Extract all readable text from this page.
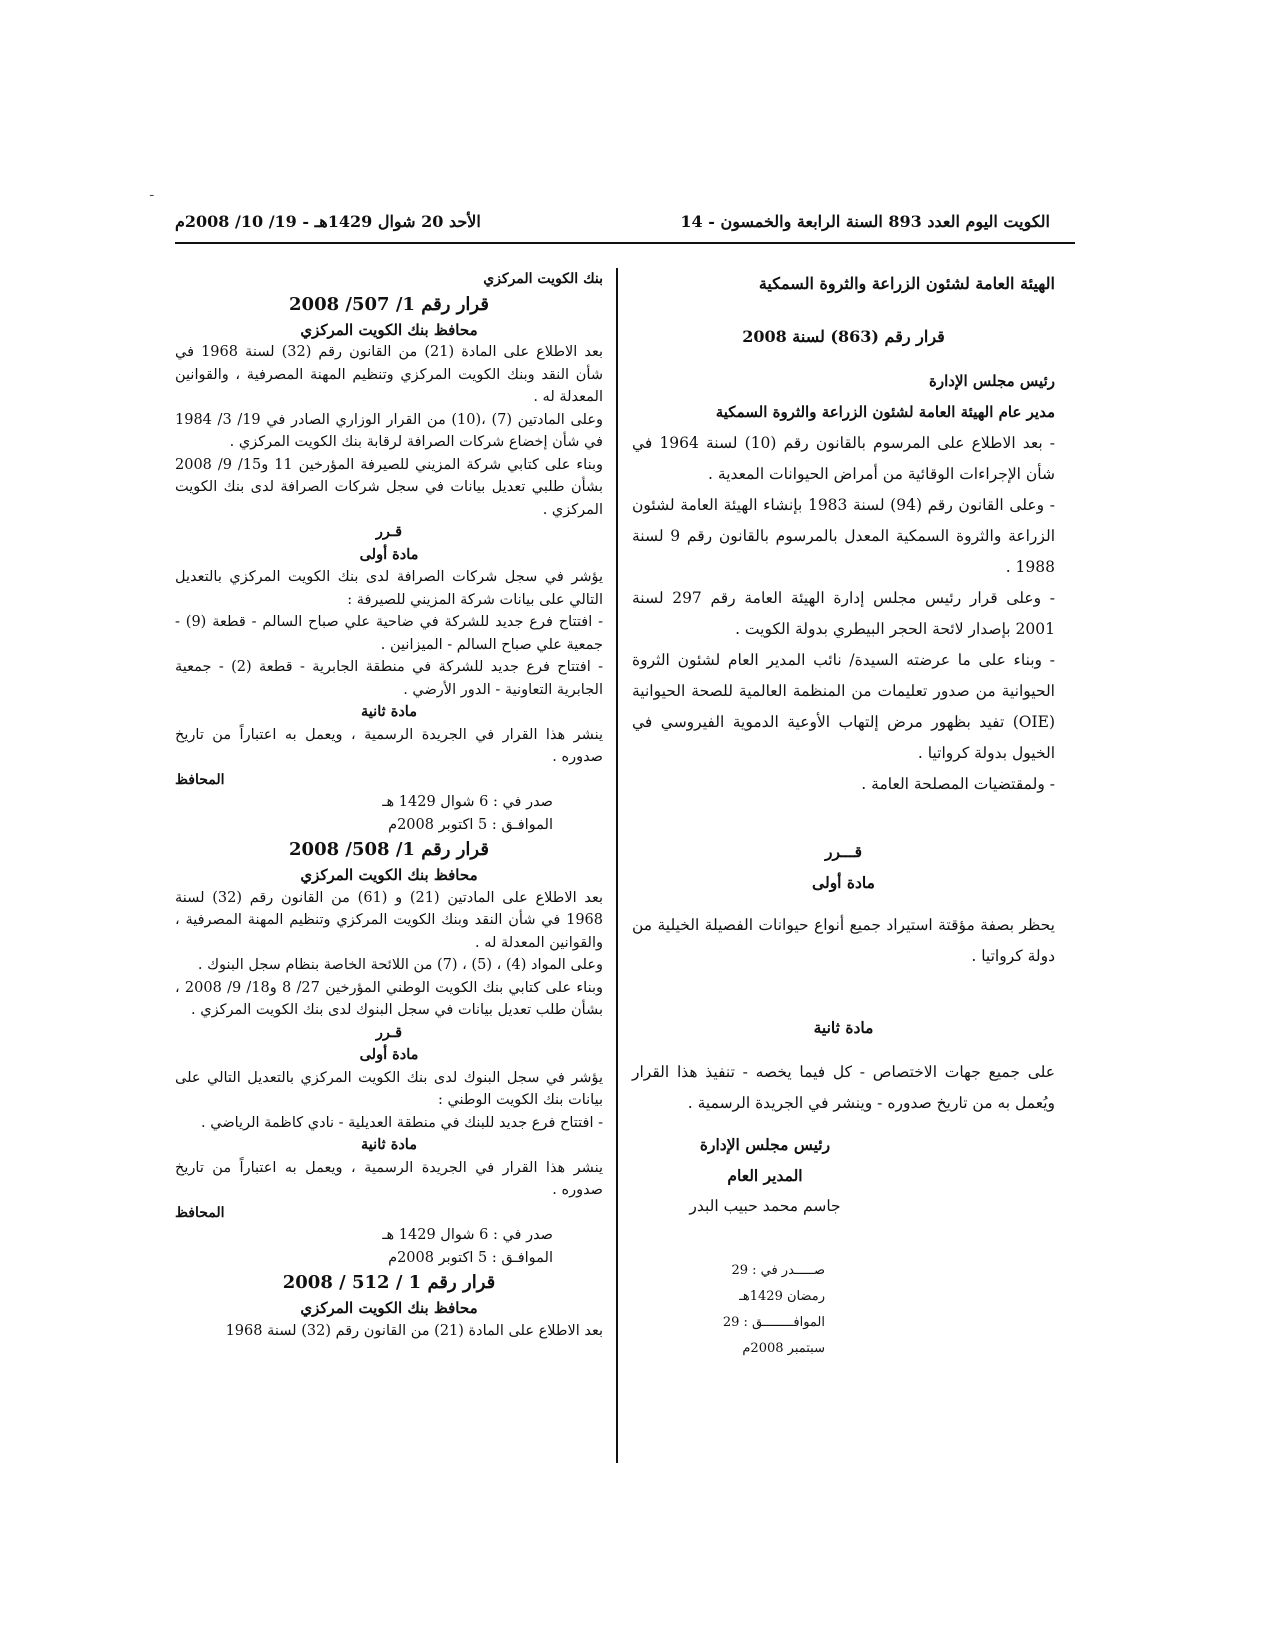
ـ
الكويت اليوم العدد 893 السنة الرابعة والخمسون - 14
الأحد 20 شوال 1429هـ - 19/ 10/ 2008م

الهيئة العامة لشئون الزراعة والثروة السمكية

قرار رقم (863) لسنة 2008

رئيس مجلس الإدارة

مدير عام الهيئة العامة لشئون الزراعة والثروة السمكية

- بعد الاطلاع على المرسوم بالقانون رقم (10) لسنة 1964 في شأن الإجراءات الوقائية من أمراض الحيوانات المعدية .

- وعلى القانون رقم (94) لسنة 1983 بإنشاء الهيئة العامة لشئون الزراعة والثروة السمكية المعدل بالمرسوم بالقانون رقم 9 لسنة 1988 .

- وعلى قرار رئيس مجلس إدارة الهيئة العامة رقم 297 لسنة 2001 بإصدار لائحة الحجر البيطري بدولة الكويت .

- وبناء على ما عرضته السيدة/ نائب المدير العام لشئون الثروة الحيوانية من صدور تعليمات من المنظمة العالمية للصحة الحيوانية (OIE) تفيد بظهور مرض إلتهاب الأوعية الدموية الفيروسي في الخيول بدولة كرواتيا .

- ولمقتضيات المصلحة العامة .

قـــرر

مادة أولى

يحظر بصفة مؤقتة استيراد جميع أنواع حيوانات الفصيلة الخيلية من دولة كرواتيا .

مادة ثانية

على جميع جهات الاختصاص - كل فيما يخصه - تنفيذ هذا القرار ويُعمل به من تاريخ صدوره - وينشر في الجريدة الرسمية .

رئيس مجلس الإدارة

المدير العام

جاسم محمد حبيب البدر

صـــــدر في : 29 رمضان 1429هـ

الموافــــــــق : 29 سبتمبر 2008م

بنك الكويت المركزي

قرار رقم 1/ 507/ 2008

محافظ بنك الكويت المركزي

بعد الاطلاع على المادة (21) من القانون رقم (32) لسنة 1968 في شأن النقد وبنك الكويت المركزي وتنظيم المهنة المصرفية ، والقوانين المعدلة له .

وعلى المادتين (7) ،(10) من القرار الوزاري الصادر في 19/ 3/ 1984 في شأن إخضاع شركات الصرافة لرقابة بنك الكويت المركزي .

وبناء على كتابي شركة المزيني للصيرفة المؤرخين 11 و15/ 9/ 2008 بشأن طلبي تعديل بيانات في سجل شركات الصرافة لدى بنك الكويت المركزي .

قـرر

مادة أولى

يؤشر في سجل شركات الصرافة لدى بنك الكويت المركزي بالتعديل التالي على بيانات شركة المزيني للصيرفة :

- افتتاح فرع جديد للشركة في ضاحية علي صباح السالم - قطعة (9) - جمعية علي صباح السالم - الميزانين .

- افتتاح فرع جديد للشركة في منطقة الجابرية - قطعة (2) - جمعية الجابرية التعاونية - الدور الأرضي .

مادة ثانية

ينشر هذا القرار في الجريدة الرسمية ، ويعمل به اعتباراً من تاريخ صدوره .

المحافظ

صدر في : 6 شوال 1429 هـ

الموافـق : 5 اكتوبر 2008م

قرار رقم 1/ 508/ 2008

محافظ بنك الكويت المركزي

بعد الاطلاع على المادتين (21) و (61) من القانون رقم (32) لسنة 1968 في شأن النقد وبنك الكويت المركزي وتنظيم المهنة المصرفية ، والقوانين المعدلة له .

وعلى المواد (4) ، (5) ، (7) من اللائحة الخاصة بنظام سجل البنوك .

وبناء على كتابي بنك الكويت الوطني المؤرخين 27/ 8 و18/ 9/ 2008 ، بشأن طلب تعديل بيانات في سجل البنوك لدى بنك الكويت المركزي .

قـرر

مادة أولى

يؤشر في سجل البنوك لدى بنك الكويت المركزي بالتعديل التالي على بيانات بنك الكويت الوطني :

- افتتاح فرع جديد للبنك في منطقة العديلية - نادي كاظمة الرياضي .

مادة ثانية

ينشر هذا القرار في الجريدة الرسمية ، ويعمل به اعتباراً من تاريخ صدوره .

المحافظ

صدر في : 6 شوال 1429 هـ

الموافـق : 5 اكتوبر 2008م

قرار رقم 1 / 512 / 2008

محافظ بنك الكويت المركزي

بعد الاطلاع على المادة (21) من القانون رقم (32) لسنة 1968
